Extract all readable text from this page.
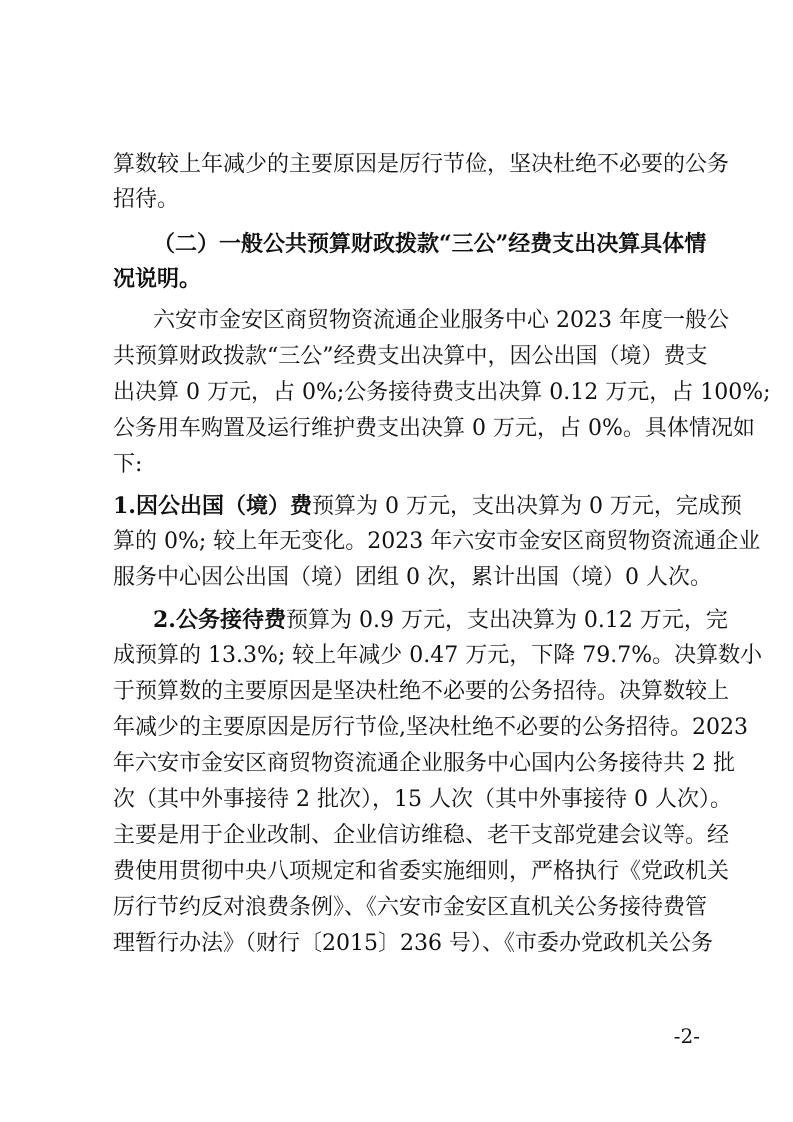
算数较上年减少的主要原因是厉行节俭，坚决杜绝不必要的公务
招待。
（二）一般公共预算财政拨款“三公”经费支出决算具体情
况说明。
六安市金安区商贸物资流通企业服务中心 2023 年度一般公
共预算财政拨款“三公”经费支出决算中，因公出国（境）费支
出决算 0 万元，占 0%;公务接待费支出决算 0.12 万元，占 100%;
公务用车购置及运行维护费支出决算 0 万元，占 0%。具体情况如
下:
1.因公出国（境）费预算为 0 万元，支出决算为 0 万元，完成预
算的 0%; 较上年无变化。2023 年六安市金安区商贸物资流通企业
服务中心因公出国（境）团组 0 次，累计出国（境）0 人次。
2.公务接待费预算为 0.9 万元，支出决算为 0.12 万元，完
成预算的 13.3%; 较上年减少 0.47 万元，下降 79.7%。决算数小
于预算数的主要原因是坚决杜绝不必要的公务招待。决算数较上
年减少的主要原因是厉行节俭,坚决杜绝不必要的公务招待。2023
年六安市金安区商贸物资流通企业服务中心国内公务接待共 2 批
次（其中外事接待 2 批次），15 人次（其中外事接待 0 人次）。
主要是用于企业改制、企业信访维稳、老干支部党建会议等。经
费使用贯彻中央八项规定和省委实施细则，严格执行《党政机关
厉行节约反对浪费条例》、《六安市金安区直机关公务接待费管
理暂行办法》（财行〔2015〕236 号）、《市委办党政机关公务
-2-
